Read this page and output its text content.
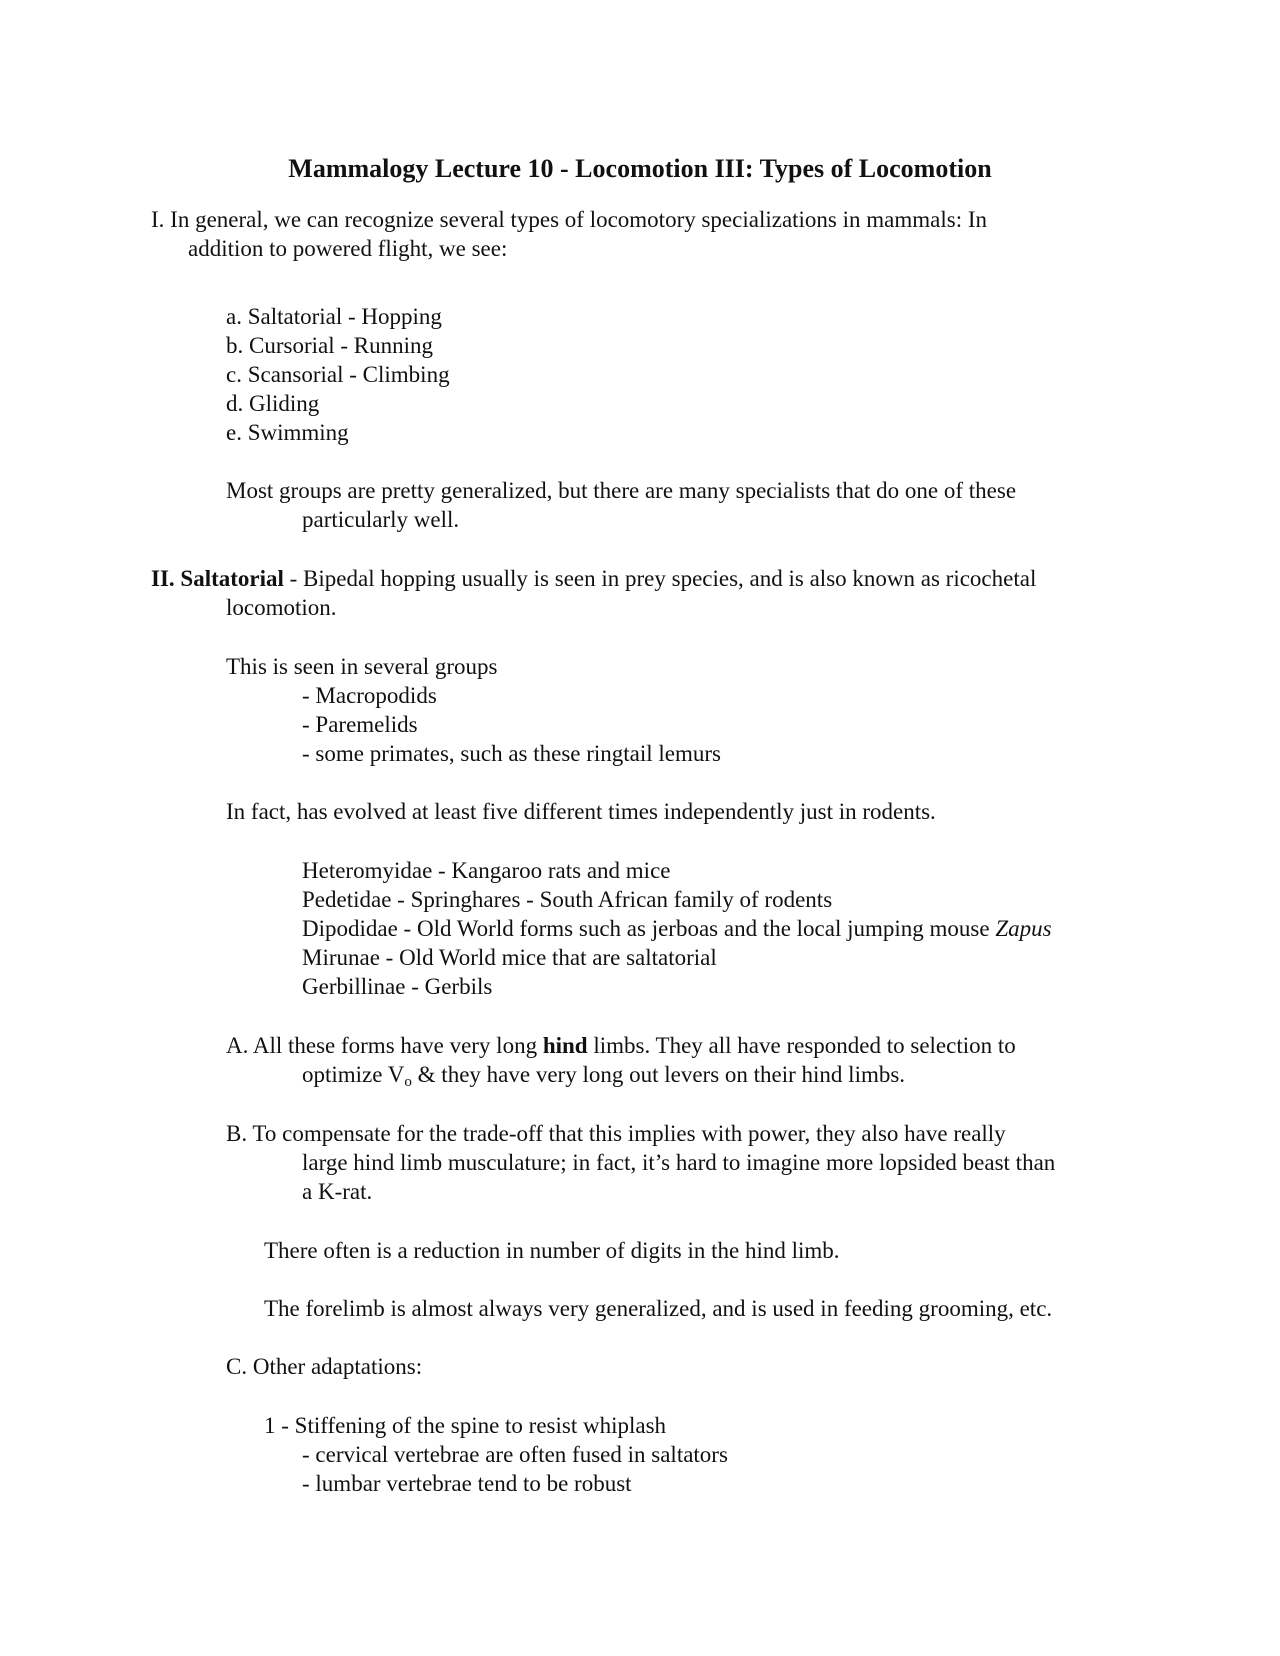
Mammalogy Lecture 10 - Locomotion III: Types of Locomotion
I. In general, we can recognize several types of locomotory specializations in mammals: In
addition to powered flight, we see:
a. Saltatorial - Hopping
b. Cursorial - Running
c. Scansorial - Climbing
d. Gliding
e. Swimming
Most groups are pretty generalized, but there are many specialists that do one of these
particularly well.
II. Saltatorial - Bipedal hopping usually is seen in prey species, and is also known as ricochetal
locomotion.
This is seen in several groups
- Macropodids
- Paremelids
- some primates, such as these ringtail lemurs
In fact, has evolved at least five different times independently just in rodents.
Heteromyidae - Kangaroo rats and mice
Pedetidae - Springhares - South African family of rodents
Dipodidae - Old World forms such as jerboas and the local jumping mouse Zapus
Mirunae - Old World mice that are saltatorial
Gerbillinae - Gerbils
A. All these forms have very long hind limbs. They all have responded to selection to
optimize $V_o$ & they have very long out levers on their hind limbs.
B. To compensate for the trade-off that this implies with power, they also have really
large hind limb musculature; in fact, it’s hard to imagine more lopsided beast than
a K-rat.
There often is a reduction in number of digits in the hind limb.
The forelimb is almost always very generalized, and is used in feeding grooming, etc.
C. Other adaptations:
1 - Stiffening of the spine to resist whiplash
- cervical vertebrae are often fused in saltators
- lumbar vertebrae tend to be robust
